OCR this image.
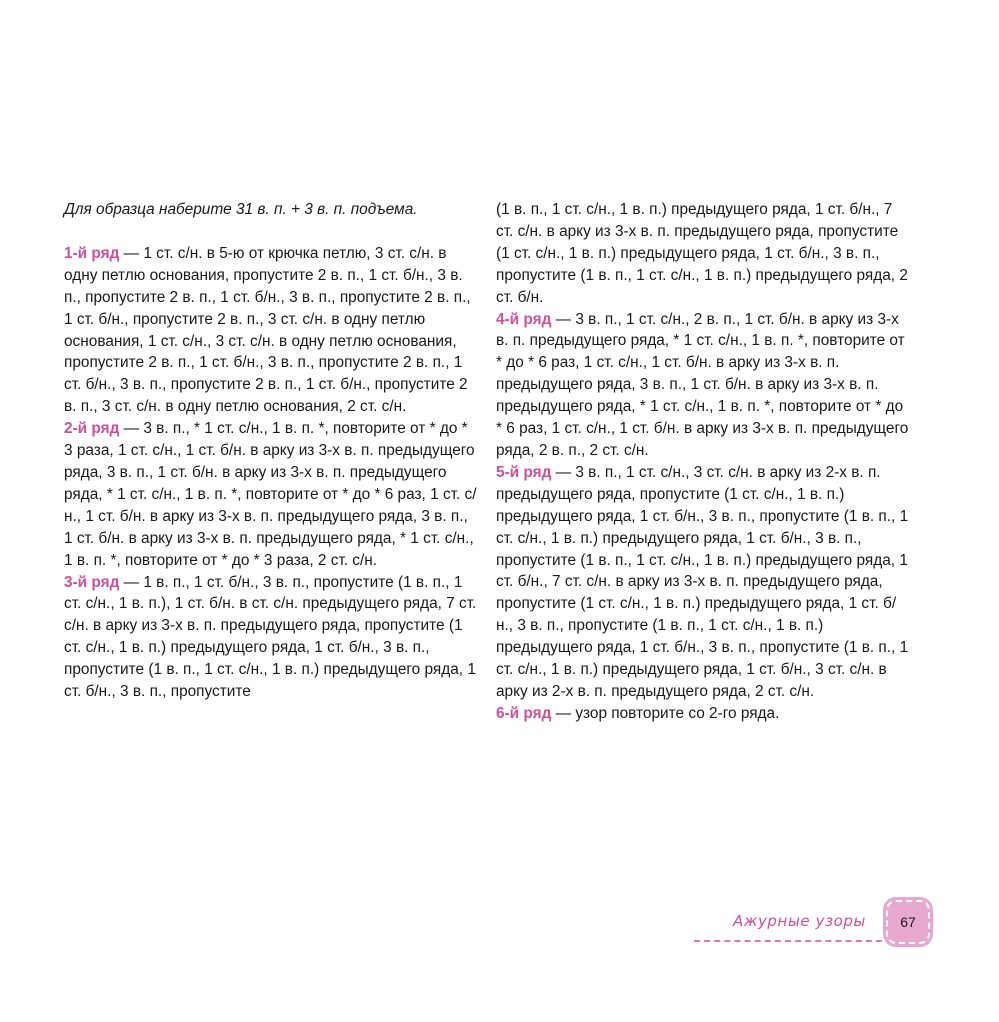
Для образца наберите 31 в. п. + 3 в. п. подъема.

1-й ряд — 1 ст. с/н. в 5-ю от крючка петлю, 3 ст. с/н. в одну петлю основания, пропустите 2 в. п., 1 ст. б/н., 3 в. п., пропустите 2 в. п., 1 ст. б/н., 3 в. п., пропустите 2 в. п., 1 ст. б/н., пропустите 2 в. п., 3 ст. с/н. в одну петлю основания, 1 ст. с/н., 3 ст. с/н. в одну петлю основания, пропустите 2 в. п., 1 ст. б/н., 3 в. п., пропустите 2 в. п., 1 ст. б/н., 3 в. п., пропустите 2 в. п., 1 ст. б/н., пропустите 2 в. п., 3 ст. с/н. в одну петлю основания, 2 ст. с/н.

2-й ряд — 3 в. п., * 1 ст. с/н., 1 в. п. *, повторите от * до * 3 раза, 1 ст. с/н., 1 ст. б/н. в арку из 3-х в. п. предыдущего ряда, 3 в. п., 1 ст. б/н. в арку из 3-х в. п. предыдущего ряда, * 1 ст. с/н., 1 в. п. *, повторите от * до * 6 раз, 1 ст. с/н., 1 ст. б/н. в арку из 3-х в. п. предыдущего ряда, 3 в. п., 1 ст. б/н. в арку из 3-х в. п. предыдущего ряда, * 1 ст. с/н., 1 в. п. *, повторите от * до * 3 раза, 2 ст. с/н.

3-й ряд — 1 в. п., 1 ст. б/н., 3 в. п., пропустите (1 в. п., 1 ст. с/н., 1 в. п.), 1 ст. б/н. в ст. с/н. предыдущего ряда, 7 ст. с/н. в арку из 3-х в. п. предыдущего ряда, пропустите (1 ст. с/н., 1 в. п.) предыдущего ряда, 1 ст. б/н., 3 в. п., пропустите (1 в. п., 1 ст. с/н., 1 в. п.) предыдущего ряда, 1 ст. б/н., 3 в. п., пропустите

(1 в. п., 1 ст. с/н., 1 в. п.) предыдущего ряда, 1 ст. б/н., 7 ст. с/н. в арку из 3-х в. п. предыдущего ряда, пропустите (1 ст. с/н., 1 в. п.) предыдущего ряда, 1 ст. б/н., 3 в. п., пропустите (1 в. п., 1 ст. с/н., 1 в. п.) предыдущего ряда, 2 ст. б/н.

4-й ряд — 3 в. п., 1 ст. с/н., 2 в. п., 1 ст. б/н. в арку из 3-х в. п. предыдущего ряда, * 1 ст. с/н., 1 в. п. *, повторите от * до * 6 раз, 1 ст. с/н., 1 ст. б/н. в арку из 3-х в. п. предыдущего ряда, 3 в. п., 1 ст. б/н. в арку из 3-х в. п. предыдущего ряда, * 1 ст. с/н., 1 в. п. *, повторите от * до * 6 раз, 1 ст. с/н., 1 ст. б/н. в арку из 3-х в. п. предыдущего ряда, 2 в. п., 2 ст. с/н.

5-й ряд — 3 в. п., 1 ст. с/н., 3 ст. с/н. в арку из 2-х в. п. предыдущего ряда, пропустите (1 ст. с/н., 1 в. п.) предыдущего ряда, 1 ст. б/н., 3 в. п., пропустите (1 в. п., 1 ст. с/н., 1 в. п.) предыдущего ряда, 1 ст. б/н., 3 в. п., пропустите (1 в. п., 1 ст. с/н., 1 в. п.) предыдущего ряда, 1 ст. б/н., 7 ст. с/н. в арку из 3-х в. п. предыдущего ряда, пропустите (1 ст. с/н., 1 в. п.) предыдущего ряда, 1 ст. б/н., 3 в. п., пропустите (1 в. п., 1 ст. с/н., 1 в. п.) предыдущего ряда, 1 ст. б/н., 3 в. п., пропустите (1 в. п., 1 ст. с/н., 1 в. п.) предыдущего ряда, 1 ст. б/н., 3 ст. с/н. в арку из 2-х в. п. предыдущего ряда, 2 ст. с/н.

6-й ряд — узор повторите со 2-го ряда.

Ажурные узоры 67
